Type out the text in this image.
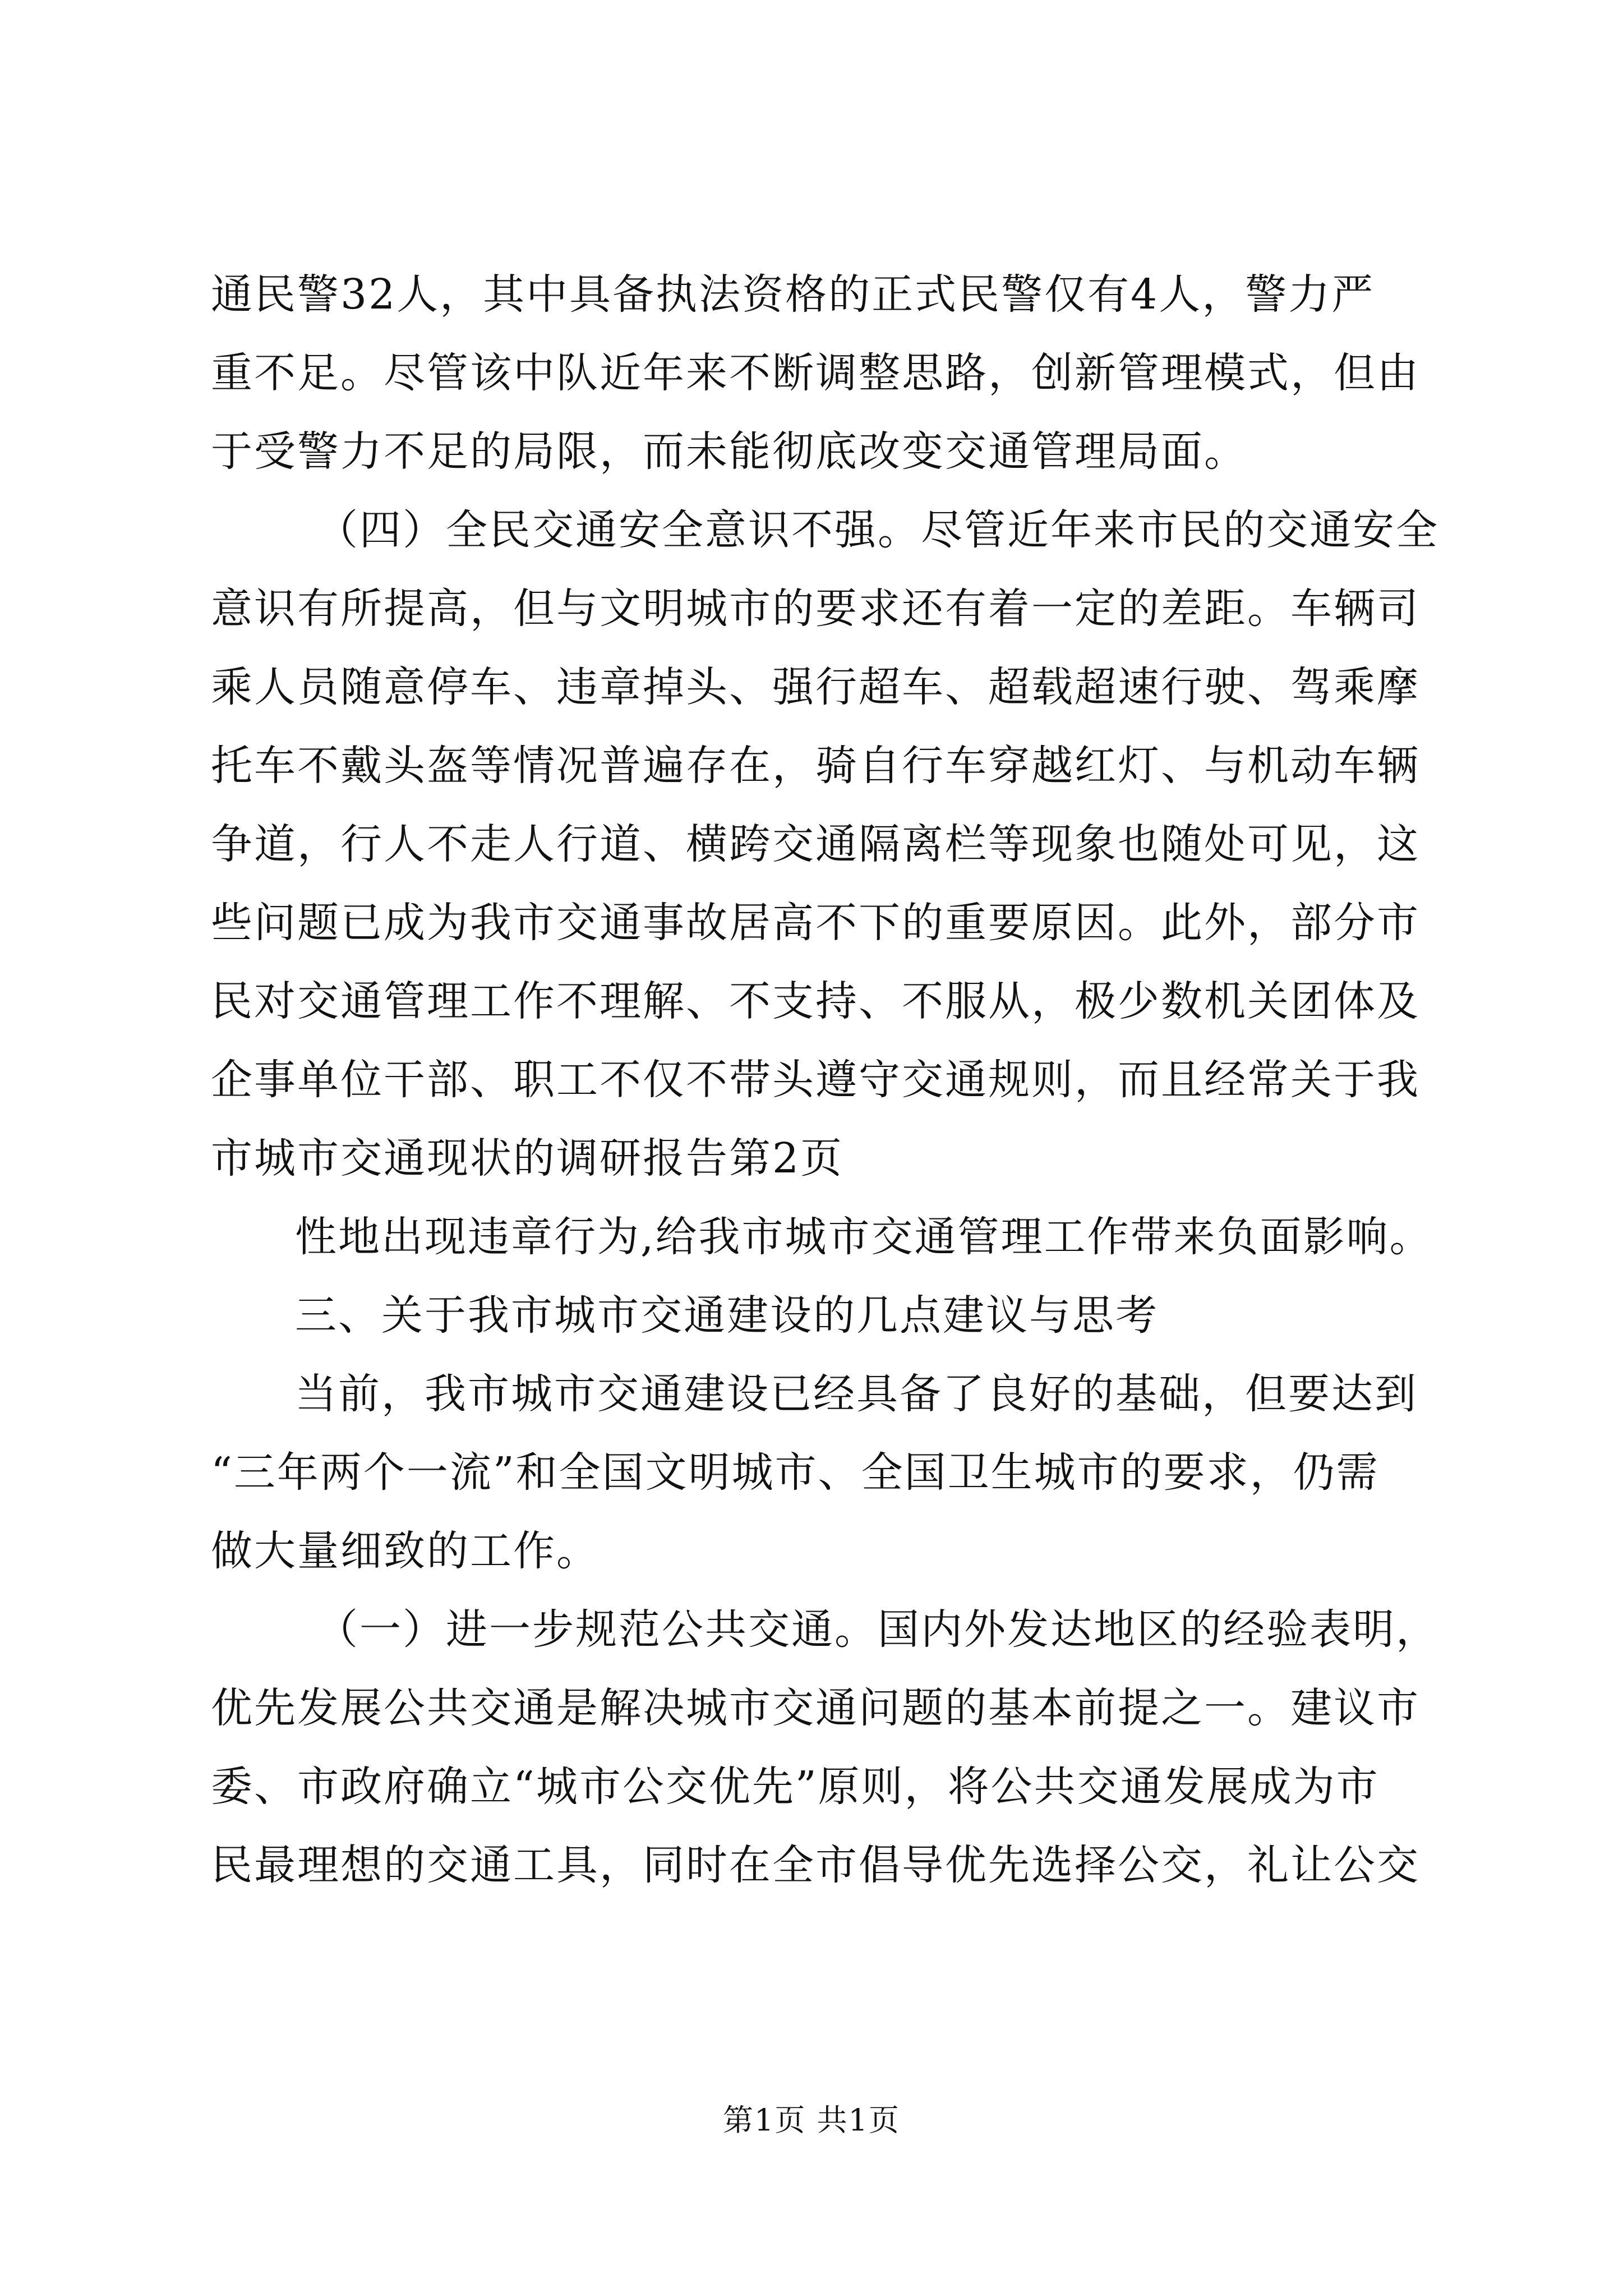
通民警32人，其中具备执法资格的正式民警仅有4人，警力严
重不足。尽管该中队近年来不断调整思路，创新管理模式，但由
于受警力不足的局限，而未能彻底改变交通管理局面。
（四）全民交通安全意识不强。尽管近年来市民的交通安全
意识有所提高，但与文明城市的要求还有着一定的差距。车辆司
乘人员随意停车、违章掉头、强行超车、超载超速行驶、驾乘摩
托车不戴头盔等情况普遍存在，骑自行车穿越红灯、与机动车辆
争道，行人不走人行道、横跨交通隔离栏等现象也随处可见，这
些问题已成为我市交通事故居高不下的重要原因。此外，部分市
民对交通管理工作不理解、不支持、不服从，极少数机关团体及
企事单位干部、职工不仅不带头遵守交通规则，而且经常关于我
市城市交通现状的调研报告第2页
性地出现违章行为,给我市城市交通管理工作带来负面影响。
三、关于我市城市交通建设的几点建议与思考
当前，我市城市交通建设已经具备了良好的基础，但要达到
“三年两个一流”和全国文明城市、全国卫生城市的要求，仍需
做大量细致的工作。
（一）进一步规范公共交通。国内外发达地区的经验表明，
优先发展公共交通是解决城市交通问题的基本前提之一。建议市
委、市政府确立“城市公交优先”原则，将公共交通发展成为市
民最理想的交通工具，同时在全市倡导优先选择公交，礼让公交
第1页 共1页
